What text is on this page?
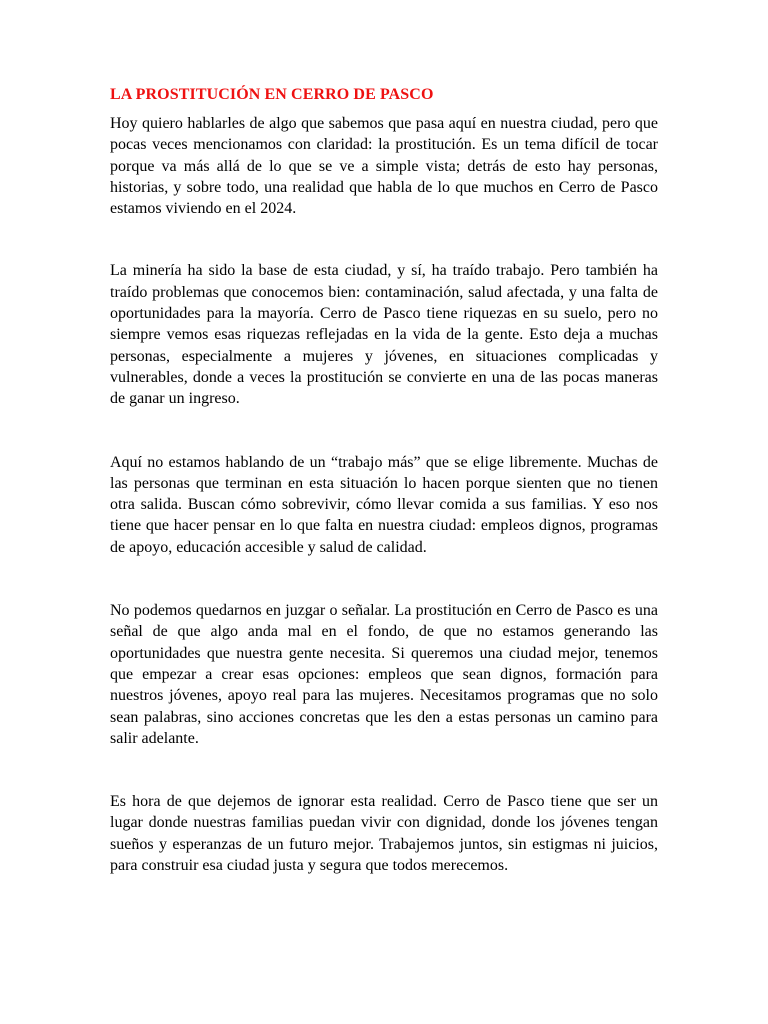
LA PROSTITUCIÓN EN CERRO DE PASCO

Hoy quiero hablarles de algo que sabemos que pasa aquí en nuestra ciudad, pero que pocas veces mencionamos con claridad: la prostitución. Es un tema difícil de tocar porque va más allá de lo que se ve a simple vista; detrás de esto hay personas, historias, y sobre todo, una realidad que habla de lo que muchos en Cerro de Pasco estamos viviendo en el 2024.

La minería ha sido la base de esta ciudad, y sí, ha traído trabajo. Pero también ha traído problemas que conocemos bien: contaminación, salud afectada, y una falta de oportunidades para la mayoría. Cerro de Pasco tiene riquezas en su suelo, pero no siempre vemos esas riquezas reflejadas en la vida de la gente. Esto deja a muchas personas, especialmente a mujeres y jóvenes, en situaciones complicadas y vulnerables, donde a veces la prostitución se convierte en una de las pocas maneras de ganar un ingreso.

Aquí no estamos hablando de un “trabajo más” que se elige libremente. Muchas de las personas que terminan en esta situación lo hacen porque sienten que no tienen otra salida. Buscan cómo sobrevivir, cómo llevar comida a sus familias. Y eso nos tiene que hacer pensar en lo que falta en nuestra ciudad: empleos dignos, programas de apoyo, educación accesible y salud de calidad.

No podemos quedarnos en juzgar o señalar. La prostitución en Cerro de Pasco es una señal de que algo anda mal en el fondo, de que no estamos generando las oportunidades que nuestra gente necesita. Si queremos una ciudad mejor, tenemos que empezar a crear esas opciones: empleos que sean dignos, formación para nuestros jóvenes, apoyo real para las mujeres. Necesitamos programas que no solo sean palabras, sino acciones concretas que les den a estas personas un camino para salir adelante.

Es hora de que dejemos de ignorar esta realidad. Cerro de Pasco tiene que ser un lugar donde nuestras familias puedan vivir con dignidad, donde los jóvenes tengan sueños y esperanzas de un futuro mejor. Trabajemos juntos, sin estigmas ni juicios, para construir esa ciudad justa y segura que todos merecemos.
